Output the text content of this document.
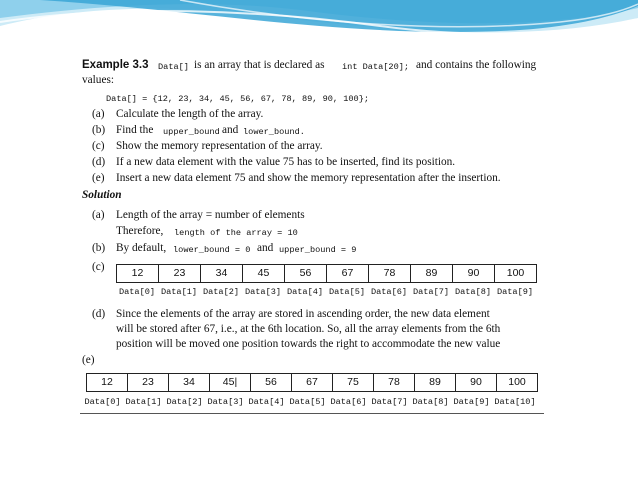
Example 3.3 Data[] is an array that is declared as int Data[20]; and contains the following
values:
Data[] = {12, 23, 34, 45, 56, 67, 78, 89, 90, 100};
(a) Calculate the length of the array.
(b) Find the upper_bound and lower_bound.
(c) Show the memory representation of the array.
(d) If a new data element with the value 75 has to be inserted, find its position.
(e) Insert a new data element 75 and show the memory representation after the insertion.
Solution
(a) Length of the array = number of elements
Therefore, length of the array = 10
(b) By default, lower_bound = 0 and upper_bound = 9
(c)	12	23	34	45	56	67	78	89	90	100
Data[0] Data[1] Data[2] Data[3] Data[4] Data[5] Data[6] Data[7] Data[8] Data[9]
(d) Since the elements of the array are stored in ascending order, the new data element
will be stored after 67, i.e., at the 6th location. So, all the array elements from the 6th
position will be moved one position towards the right to accommodate the new value
(e)
12	23	34	45|	56	67	75	78	89	90	100
Data[0] Data[1] Data[2] Data[3] Data[4] Data[5] Data[6] Data[7] Data[8] Data[9] Data[10]
